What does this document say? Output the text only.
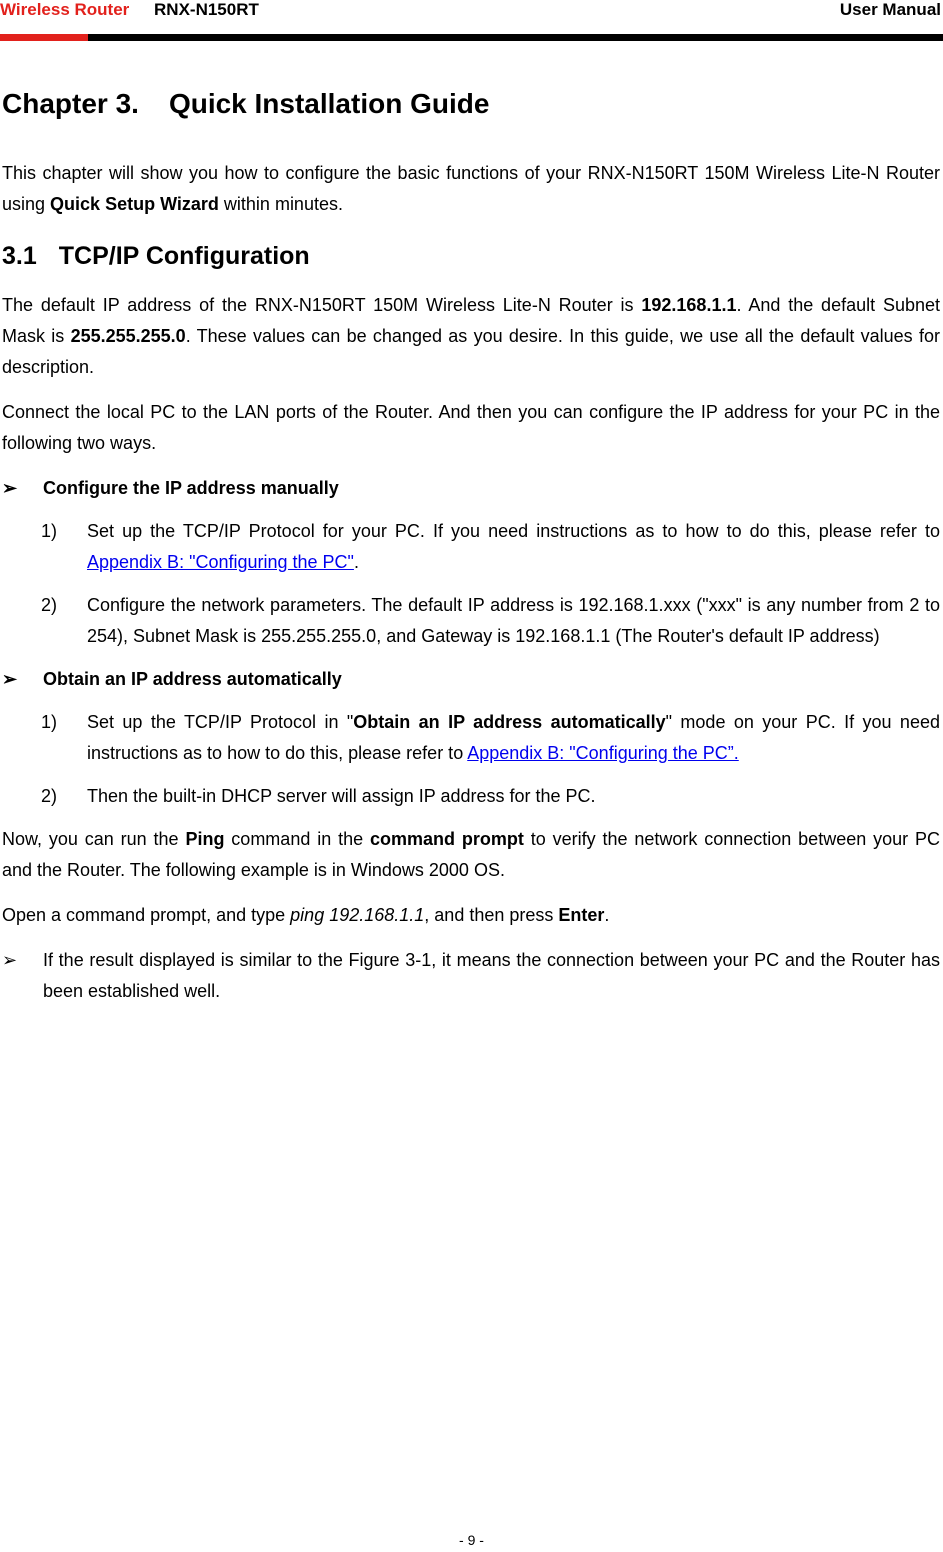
Wireless Router RNX-N150RT	User Manual
Chapter 3. Quick Installation Guide

This chapter will show you how to configure the basic functions of your RNX-N150RT 150M Wireless Lite-N Router using Quick Setup Wizard within minutes.

3.1 TCP/IP Configuration

The default IP address of the RNX-N150RT 150M Wireless Lite-N Router is 192.168.1.1. And the default Subnet Mask is 255.255.255.0. These values can be changed as you desire. In this guide, we use all the default values for description.

Connect the local PC to the LAN ports of the Router. And then you can configure the IP address for your PC in the following two ways.

➢ Configure the IP address manually
1) Set up the TCP/IP Protocol for your PC. If you need instructions as to how to do this, please refer to Appendix B: "Configuring the PC".
2) Configure the network parameters. The default IP address is 192.168.1.xxx ("xxx" is any number from 2 to 254), Subnet Mask is 255.255.255.0, and Gateway is 192.168.1.1 (The Router's default IP address)
➢ Obtain an IP address automatically
1) Set up the TCP/IP Protocol in "Obtain an IP address automatically" mode on your PC. If you need instructions as to how to do this, please refer to Appendix B: "Configuring the PC”.
2) Then the built-in DHCP server will assign IP address for the PC.

Now, you can run the Ping command in the command prompt to verify the network connection between your PC and the Router. The following example is in Windows 2000 OS.

Open a command prompt, and type ping 192.168.1.1, and then press Enter.

➢ If the result displayed is similar to the Figure 3-1, it means the connection between your PC and the Router has been established well.
- 9 -
